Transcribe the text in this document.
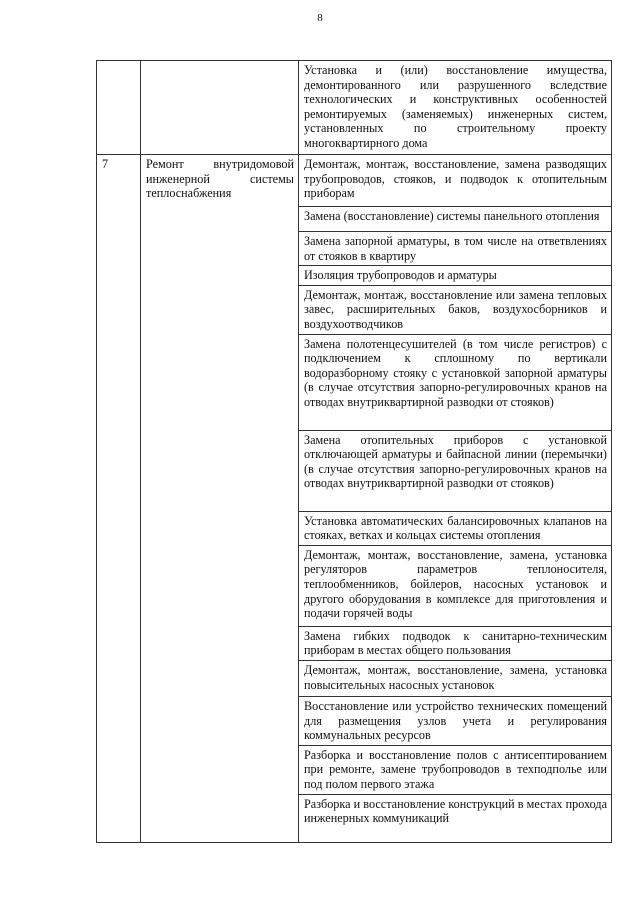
8
		Установка и (или) восстановление имущества, демонтированного или разрушенного вследствие технологических и конструктивных особенностей ремонтируемых (заменяемых) инженерных систем, установленных по строительному проекту многоквартирного дома
7	Ремонт внутридомовой инженерной системы теплоснабжения	Демонтаж, монтаж, восстановление, замена разводящих трубопроводов, стояков, и подводок к отопительным приборам
		Замена (восстановление) системы панельного отопления
		Замена запорной арматуры, в том числе на ответвлениях от стояков в квартиру
		Изоляция трубопроводов и арматуры
		Демонтаж, монтаж, восстановление или замена тепловых завес, расширительных баков, воздухосборников и воздухоотводчиков
		Замена полотенцесушителей (в том числе регистров) с подключением к сплошному по вертикали водоразборному стояку с установкой запорной арматуры (в случае отсутствия запорно-регулировочных кранов на отводах внутриквартирной разводки от стояков)
		Замена отопительных приборов с установкой отключающей арматуры и байпасной линии (перемычки) (в случае отсутствия запорно-регулировочных кранов на отводах внутриквартирной разводки от стояков)
		Установка автоматических балансировочных клапанов на стояках, ветках и кольцах системы отопления
		Демонтаж, монтаж, восстановление, замена, установка регуляторов параметров теплоносителя, теплообменников, бойлеров, насосных установок и другого оборудования в комплексе для приготовления и подачи горячей воды
		Замена гибких подводок к санитарно-техническим приборам в местах общего пользования
		Демонтаж, монтаж, восстановление, замена, установка повысительных насосных установок
		Восстановление или устройство технических помещений для размещения узлов учета и регулирования коммунальных ресурсов
		Разборка и восстановление полов с антисептированием при ремонте, замене трубопроводов в техподполье или под полом первого этажа
		Разборка и восстановление конструкций в местах прохода инженерных коммуникаций
